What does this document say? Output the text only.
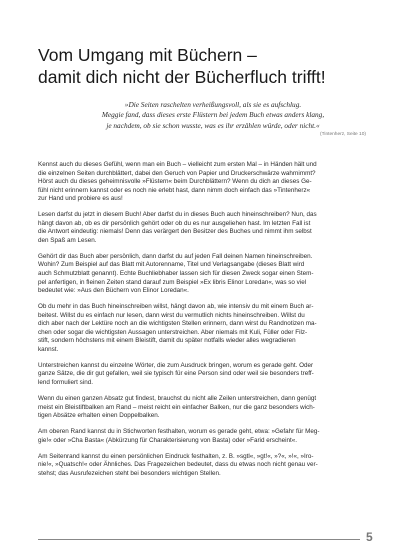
Vom Umgang mit Büchern –
damit dich nicht der Bücherfluch trifft!
»Die Seiten raschelten verheißungsvoll, als sie es aufschlug.
Meggie fand, dass dieses erste Flüstern bei jedem Buch etwas anders klang,
je nachdem, ob sie schon wusste, was es ihr erzählen würde, oder nicht.«
(Tintenherz, Seite 10)

Kennst auch du dieses Gefühl, wenn man ein Buch – vielleicht zum ersten Mal – in Händen hält und
die einzelnen Seiten durchblättert, dabei den Geruch von Papier und Druckerschwärze wahrnimmt?
Hörst auch du dieses geheimnisvolle »Flüstern« beim Durchblättern? Wenn du dich an dieses Ge-
fühl nicht erinnern kannst oder es noch nie erlebt hast, dann nimm doch einfach das »Tintenherz«
zur Hand und probiere es aus!

Lesen darfst du jetzt in diesem Buch! Aber darfst du in dieses Buch auch hineinschreiben? Nun, das
hängt davon ab, ob es dir persönlich gehört oder ob du es nur ausgeliehen hast. Im letzten Fall ist
die Antwort eindeutig: niemals! Denn das verärgert den Besitzer des Buches und nimmt ihm selbst
den Spaß am Lesen.

Gehört dir das Buch aber persönlich, dann darfst du auf jeden Fall deinen Namen hineinschreiben.
Wohin? Zum Beispiel auf das Blatt mit Autorenname, Titel und Verlagsangabe (dieses Blatt wird
auch Schmutzblatt genannt). Echte Buchliebhaber lassen sich für diesen Zweck sogar einen Stem-
pel anfertigen, in fleinen Zeiten stand darauf zum Beispiel »Ex libris Elinor Loredan«, was so viel
bedeutet wie: »Aus den Büchern von Elinor Loredan«.

Ob du mehr in das Buch hineinschreiben willst, hängt davon ab, wie intensiv du mit einem Buch ar-
beitest. Willst du es einfach nur lesen, dann wirst du vermutlich nichts hineinschreiben. Willst du
dich aber nach der Lektüre noch an die wichtigsten Stellen erinnern, dann wirst du Randnotizen ma-
chen oder sogar die wichtigsten Aussagen unterstreichen. Aber niemals mit Kuli, Füller oder Filz-
stift, sondern höchstens mit einem Bleistift, damit du später notfalls wieder alles wegradieren
kannst.

Unterstreichen kannst du einzelne Wörter, die zum Ausdruck bringen, worum es gerade geht. Oder
ganze Sätze, die dir gut gefallen, weil sie typisch für eine Person sind oder weil sie besonders treff-
lend formuliert sind.

Wenn du einen ganzen Absatz gut findest, brauchst du nicht alle Zeilen unterstreichen, dann genügt
meist ein Bleistiftbalken am Rand – meist reicht ein einfacher Balken, nur die ganz besonders wich-
tigen Absätze erhalten einen Doppelbalken.

Am oberen Rand kannst du in Stichworten festhalten, worum es gerade geht, etwa: »Gefahr für Meg-
gie!« oder »Cha Basta« (Abkürzung für Charakterisierung von Basta) oder »Farid erscheint«.

Am Seitenrand kannst du einen persönlichen Eindruck festhalten, z. B. »sgtl«, »gt!«, »?«, »!«, »Iro-
nie!«, »Quatsch!« oder Ähnliches. Das Fragezeichen bedeutet, dass du etwas noch nicht genau ver-
stehst; das Ausrufezeichen steht bei besonders wichtigen Stellen.

5
